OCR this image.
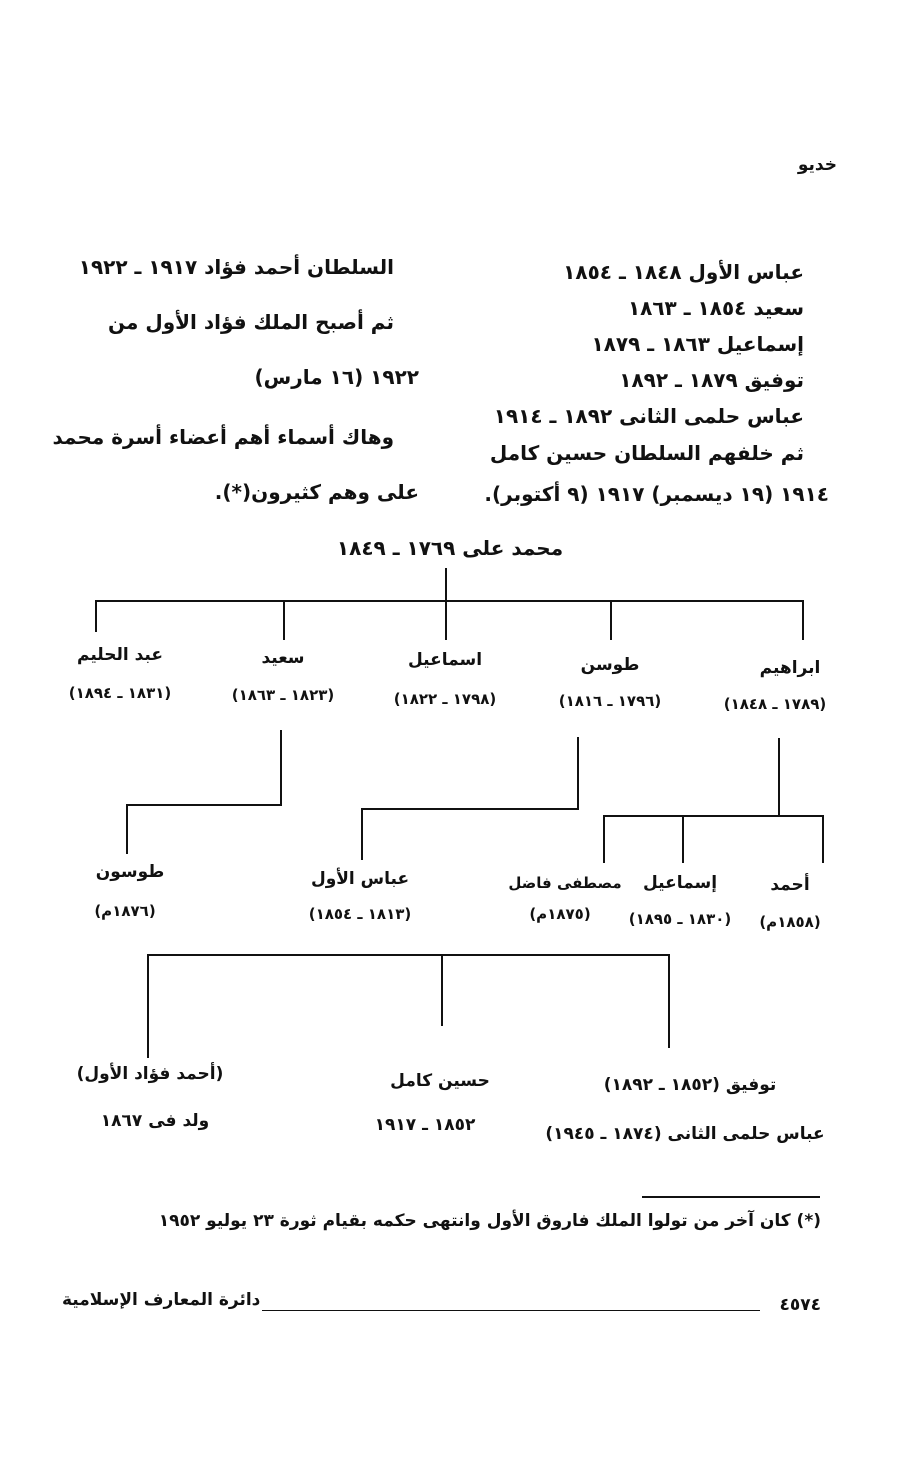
خديو
عباس الأول ١٨٤٨ ـ ١٨٥٤
سعيد ١٨٥٤ ـ ١٨٦٣
إسماعيل ١٨٦٣ ـ ١٨٧٩
توفيق ١٨٧٩ ـ ١٨٩٢
عباس حلمى الثانى ١٨٩٢ ـ ١٩١٤
ثم خلفهم السلطان حسين كامل
١٩١٤ (١٩ ديسمبر) ١٩١٧ (٩ أكتوبر).
السلطان أحمد فؤاد ١٩١٧ ـ ١٩٢٢
ثم أصبح الملك فؤاد الأول من
١٩٢٢ (١٦ مارس)
وهاك أسماء أهم أعضاء أسرة محمد
على وهم كثيرون(*).
محمد على ١٧٦٩ ـ ١٨٤٩
ابراهيم
(١٧٨٩ ـ ١٨٤٨)
طوسن
(١٧٩٦ ـ ١٨١٦)
اسماعيل
(١٧٩٨ ـ ١٨٢٢)
سعيد
(١٨٢٣ ـ ١٨٦٣)
عبد الحليم
(١٨٣١ ـ ١٨٩٤)
أحمد
(١٨٥٨م)
إسماعيل
(١٨٣٠ ـ ١٨٩٥)
مصطفى فاضل
(١٨٧٥م)
عباس الأول
(١٨١٣ ـ ١٨٥٤)
طوسون
(١٨٧٦م)
توفيق (١٨٥٢ ـ ١٨٩٢)
عباس حلمى الثانى (١٨٧٤ ـ ١٩٤٥)
حسين كامل
١٨٥٢ ـ ١٩١٧
(أحمد فؤاد الأول)
ولد فى ١٨٦٧
(*) كان آخر من تولوا الملك فاروق الأول وانتهى حكمه بقيام ثورة ٢٣ يوليو ١٩٥٢
٤٥٧٤
دائرة المعارف الإسلامية
